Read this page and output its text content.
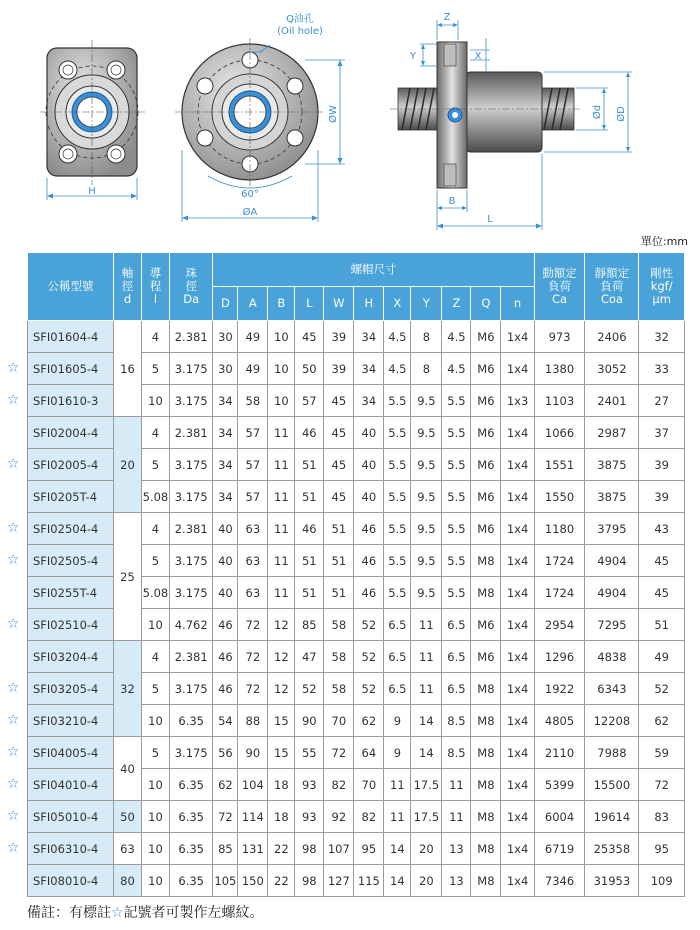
H
Q油孔
(Oil hole)
ØW
60°
ØA
Z
Y	X
B
L
Ød ØD
單位:mm
☆
☆
☆
☆
☆
☆
☆
☆
☆
☆
☆
☆
公稱型號	軸
徑
d	導
程
l	珠
徑
Da	螺帽尺寸											動額定
負荷
Ca	靜額定
負荷
Coa	剛性
kgf/
μm
				D	A	B	L	W	H	X	Y	Z	Q	n			
SFI01604-4	16	4	2.381	30	49	10	45	39	34	4.5	8	4.5	M6	1x4	973	2406	32
SFI01605-4		5	3.175	30	49	10	50	39	34	4.5	8	4.5	M6	1x4	1380	3052	33
SFI01610-3		10	3.175	34	58	10	57	45	34	5.5	9.5	5.5	M6	1x3	1103	2401	27
SFI02004-4	20	4	2.381	34	57	11	46	45	40	5.5	9.5	5.5	M6	1x4	1066	2987	37
SFI02005-4		5	3.175	34	57	11	51	45	40	5.5	9.5	5.5	M6	1x4	1551	3875	39
SFI0205T-4		5.08	3.175	34	57	11	51	45	40	5.5	9.5	5.5	M6	1x4	1550	3875	39
SFI02504-4	25	4	2.381	40	63	11	46	51	46	5.5	9.5	5.5	M6	1x4	1180	3795	43
SFI02505-4		5	3.175	40	63	11	51	51	46	5.5	9.5	5.5	M8	1x4	1724	4904	45
SFI0255T-4		5.08	3.175	40	63	11	51	51	46	5.5	9.5	5.5	M8	1x4	1724	4904	45
SFI02510-4		10	4.762	46	72	12	85	58	52	6.5	11	6.5	M6	1x4	2954	7295	51
SFI03204-4	32	4	2.381	46	72	12	47	58	52	6.5	11	6.5	M6	1x4	1296	4838	49
SFI03205-4		5	3.175	46	72	12	52	58	52	6.5	11	6.5	M8	1x4	1922	6343	52
SFI03210-4		10	6.35	54	88	15	90	70	62	9	14	8.5	M8	1x4	4805	12208	62
SFI04005-4	40	5	3.175	56	90	15	55	72	64	9	14	8.5	M8	1x4	2110	7988	59
SFI04010-4		10	6.35	62	104	18	93	82	70	11	17.5	11	M8	1x4	5399	15500	72
SFI05010-4	50	10	6.35	72	114	18	93	92	82	11	17.5	11	M8	1x4	6004	19614	83
SFI06310-4	63	10	6.35	85	131	22	98	107	95	14	20	13	M8	1x4	6719	25358	95
SFI08010-4	80	10	6.35	105	150	22	98	127	115	14	20	13	M8	1x4	7346	31953	109
備註：有標註☆記號者可製作左螺紋。
